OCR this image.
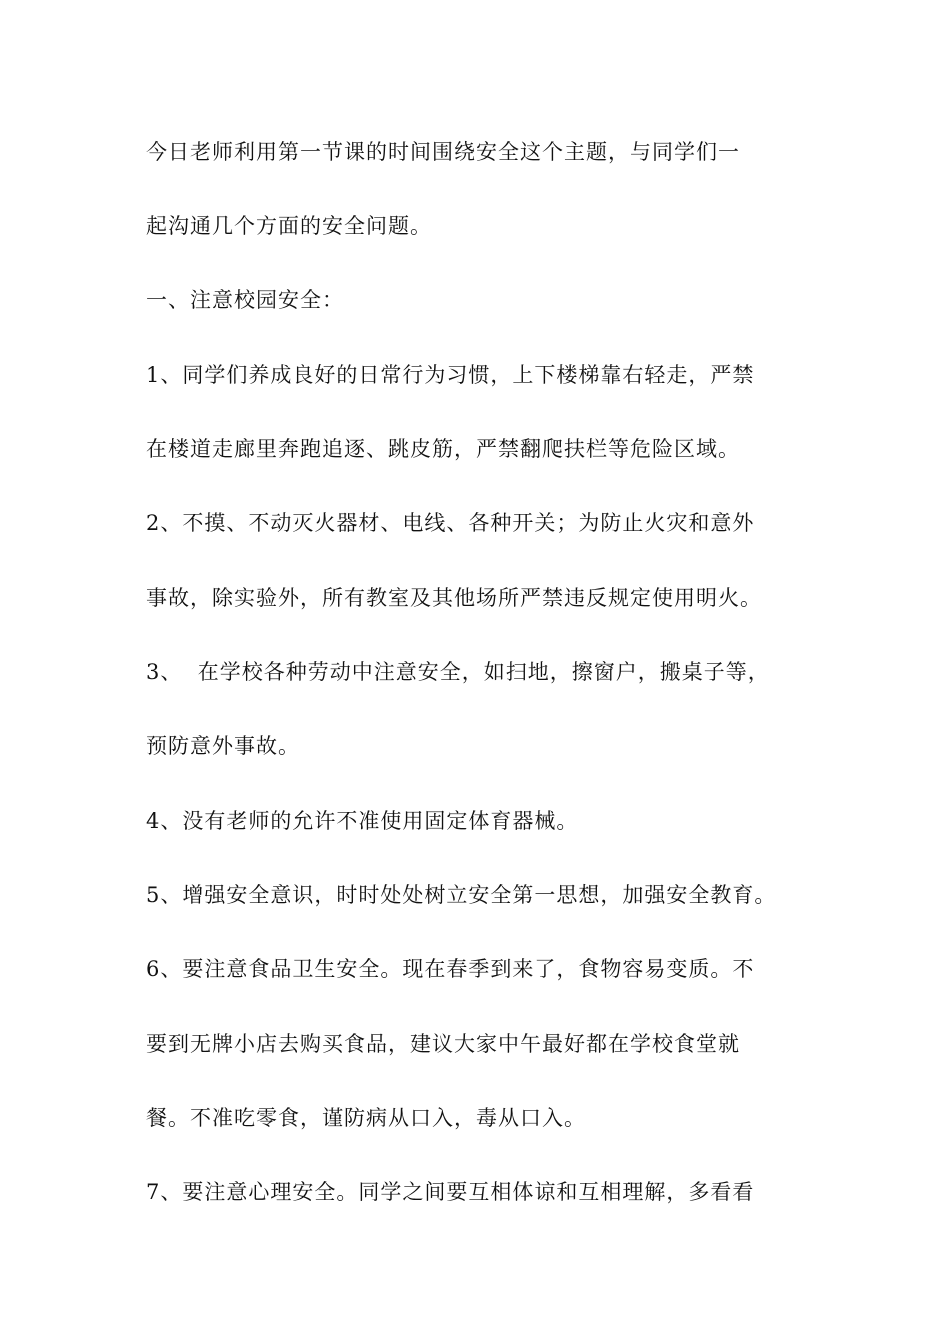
今日老师利用第一节课的时间围绕安全这个主题，与同学们一
起沟通几个方面的安全问题。
一、注意校园安全：
1、同学们养成良好的日常行为习惯，上下楼梯靠右轻走，严禁
在楼道走廊里奔跑追逐、跳皮筋，严禁翻爬扶栏等危险区域。
2、不摸、不动灭火器材、电线、各种开关；为防止火灾和意外
事故，除实验外，所有教室及其他场所严禁违反规定使用明火。
3、  在学校各种劳动中注意安全，如扫地，擦窗户，搬桌子等，
预防意外事故。
4、没有老师的允许不准使用固定体育器械。
5、增强安全意识，时时处处树立安全第一思想，加强安全教育。
6、要注意食品卫生安全。现在春季到来了，食物容易变质。不
要到无牌小店去购买食品，建议大家中午最好都在学校食堂就
餐。不准吃零食，谨防病从口入，毒从口入。
7、要注意心理安全。同学之间要互相体谅和互相理解，多看看
